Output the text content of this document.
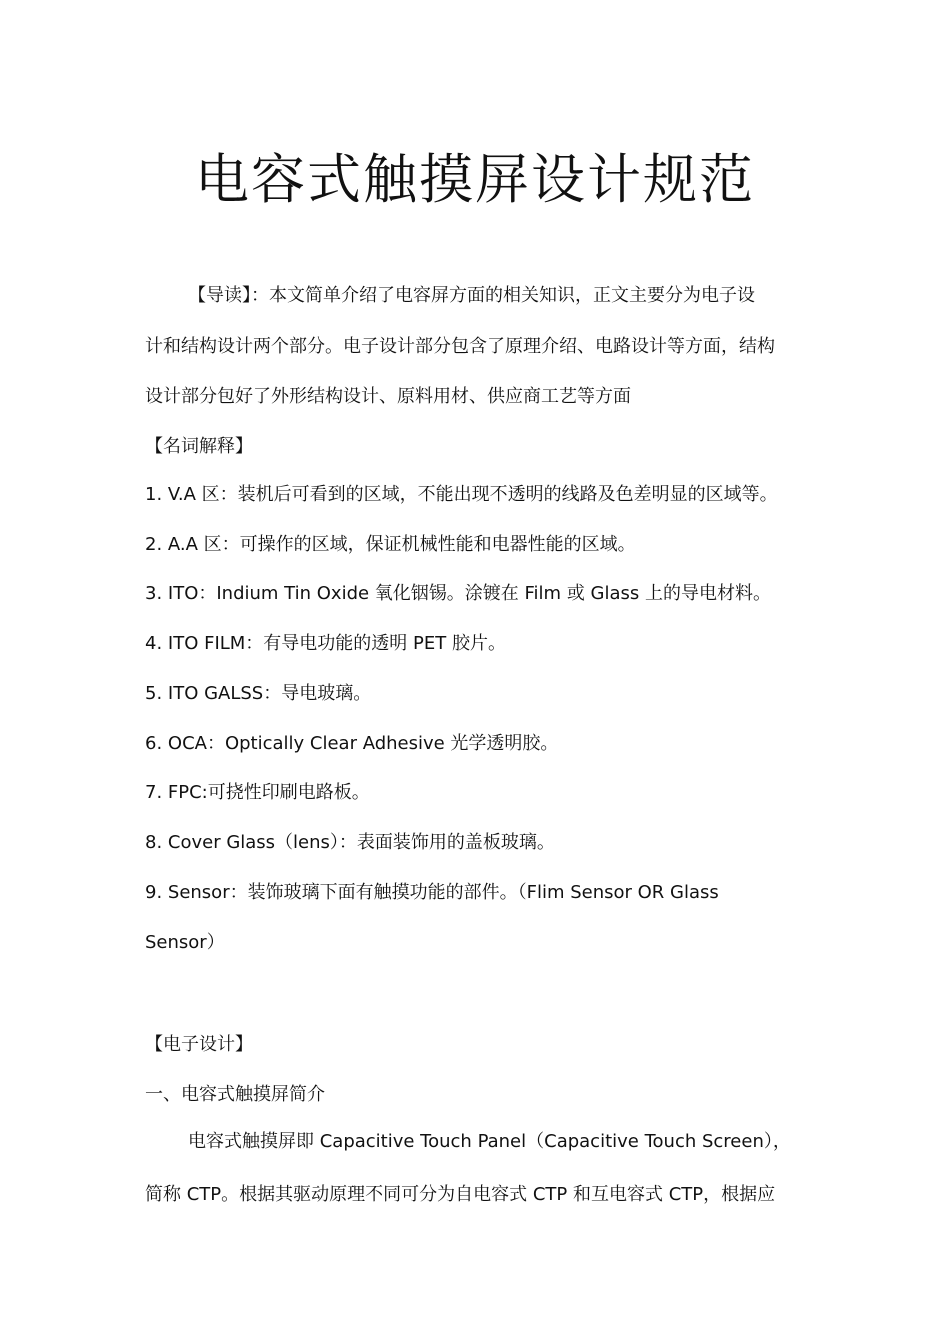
电容式触摸屏设计规范
【导读】：本文简单介绍了电容屏方面的相关知识，正文主要分为电子设
计和结构设计两个部分。电子设计部分包含了原理介绍、电路设计等方面，结构
设计部分包好了外形结构设计、原料用材、供应商工艺等方面
【名词解释】
1. V.A 区：装机后可看到的区域，不能出现不透明的线路及色差明显的区域等。
2. A.A 区：可操作的区域，保证机械性能和电器性能的区域。
3. ITO：Indium Tin Oxide 氧化铟锡。涂镀在 Film 或 Glass 上的导电材料。
4. ITO FILM：有导电功能的透明 PET 胶片。
5. ITO GALSS：导电玻璃。
6. OCA：Optically Clear Adhesive 光学透明胶。
7. FPC:可挠性印刷电路板。
8. Cover Glass（lens）：表面装饰用的盖板玻璃。
9. Sensor：装饰玻璃下面有触摸功能的部件。（Flim Sensor OR Glass
Sensor）
【电子设计】
一、电容式触摸屏简介
电容式触摸屏即 Capacitive Touch Panel（Capacitive Touch Screen），
简称 CTP。根据其驱动原理不同可分为自电容式 CTP 和互电容式 CTP，根据应
